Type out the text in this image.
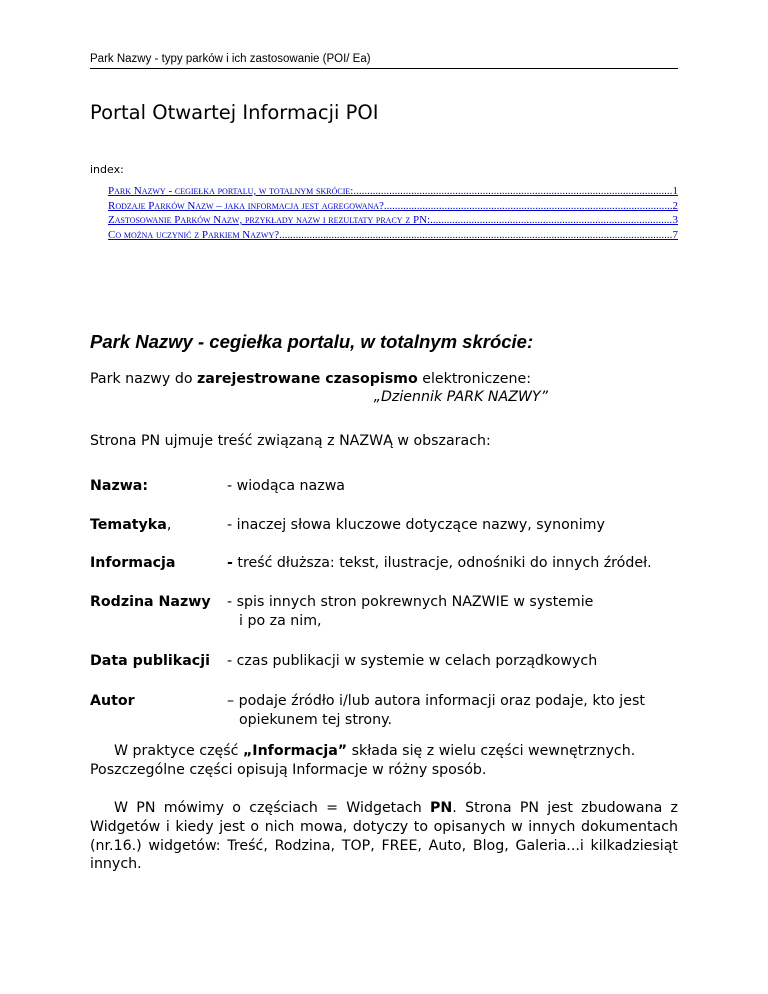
Park Nazwy - typy parków i ich zastosowanie (POI/ Ea)
Portal Otwartej Informacji POI
index:
Park Nazwy - cegiełka portalu, w totalnym skrócie: .....	1
Rodzaje Parków Nazw – jaka informacja jest agregowana? .....	2
Zastosowanie Parków Nazw, przykłady nazw i rezultaty pracy z PN: .....	3
Co można uczynić z Parkiem Nazwy? .....	7
Park Nazwy - cegiełka portalu, w totalnym skrócie:
Park nazwy do zarejestrowane czasopismo elektroniczene:
„Dziennik PARK NAZWY”
Strona PN ujmuje treść związaną z NAZWĄ w obszarach:
Nazwa:	- wiodąca nazwa
Tematyka,	- inaczej słowa kluczowe dotyczące nazwy, synonimy
Informacja	- treść dłuższa: tekst, ilustracje, odnośniki do innych źródeł.
Rodzina Nazwy - spis innych stron pokrewnych NAZWIE w systemie
i po za nim,
Data publikacji - czas publikacji w systemie w celach porządkowych
Autor	– podaje źródło i/lub autora informacji oraz podaje, kto jest
opiekunem tej strony.
W praktyce część „Informacja” składa się z wielu części wewnętrznych.
Poszczególne części opisują Informacje w różny sposób.
W PN mówimy o częściach = Widgetach PN. Strona PN jest zbudowana z Widgetów i kiedy jest o nich mowa, dotyczy to opisanych w innych dokumentach (nr.16.) widgetów: Treść, Rodzina, TOP, FREE, Auto, Blog, Galeria...i kilkadziesiąt innych.
